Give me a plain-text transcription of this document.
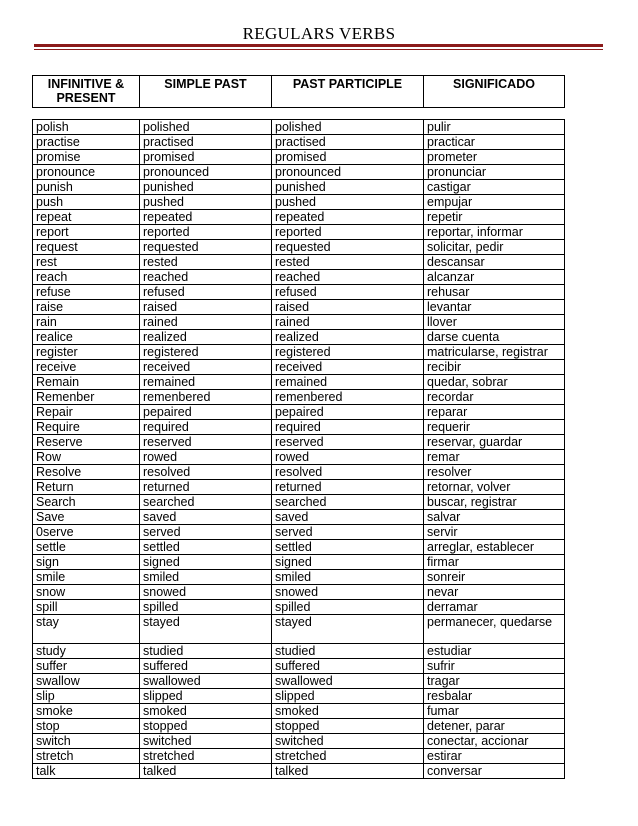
REGULARS VERBS
INFINITIVE & PRESENT	SIMPLE PAST	PAST PARTICIPLE	SIGNIFICADO
polish	polished	polished	pulir
practise	practised	practised	practicar
promise	promised	promised	prometer
pronounce	pronounced	pronounced	pronunciar
punish	punished	punished	castigar
push	pushed	pushed	empujar
repeat	repeated	repeated	repetir
report	reported	reported	reportar, informar
request	requested	requested	solicitar, pedir
rest	rested	rested	descansar
reach	reached	reached	alcanzar
refuse	refused	refused	rehusar
raise	raised	raised	levantar
rain	rained	rained	llover
realice	realized	realized	darse cuenta
register	registered	registered	matricularse, registrar
receive	received	received	recibir
Remain	remained	remained	quedar, sobrar
Remenber	remenbered	remenbered	recordar
Repair	pepaired	pepaired	reparar
Require	required	required	requerir
Reserve	reserved	reserved	reservar, guardar
Row	rowed	rowed	remar
Resolve	resolved	resolved	resolver
Return	returned	returned	retornar, volver
Search	searched	searched	buscar, registrar
Save	saved	saved	salvar
0serve	served	served	servir
settle	settled	settled	arreglar, establecer
sign	signed	signed	firmar
smile	smiled	smiled	sonreir
snow	snowed	snowed	nevar
spill	spilled	spilled	derramar
stay	stayed	stayed	permanecer, quedarse
study	studied	studied	estudiar
suffer	suffered	suffered	sufrir
swallow	swallowed	swallowed	tragar
slip	slipped	slipped	resbalar
smoke	smoked	smoked	fumar
stop	stopped	stopped	detener, parar
switch	switched	switched	conectar, accionar
stretch	stretched	stretched	estirar
talk	talked	talked	conversar
